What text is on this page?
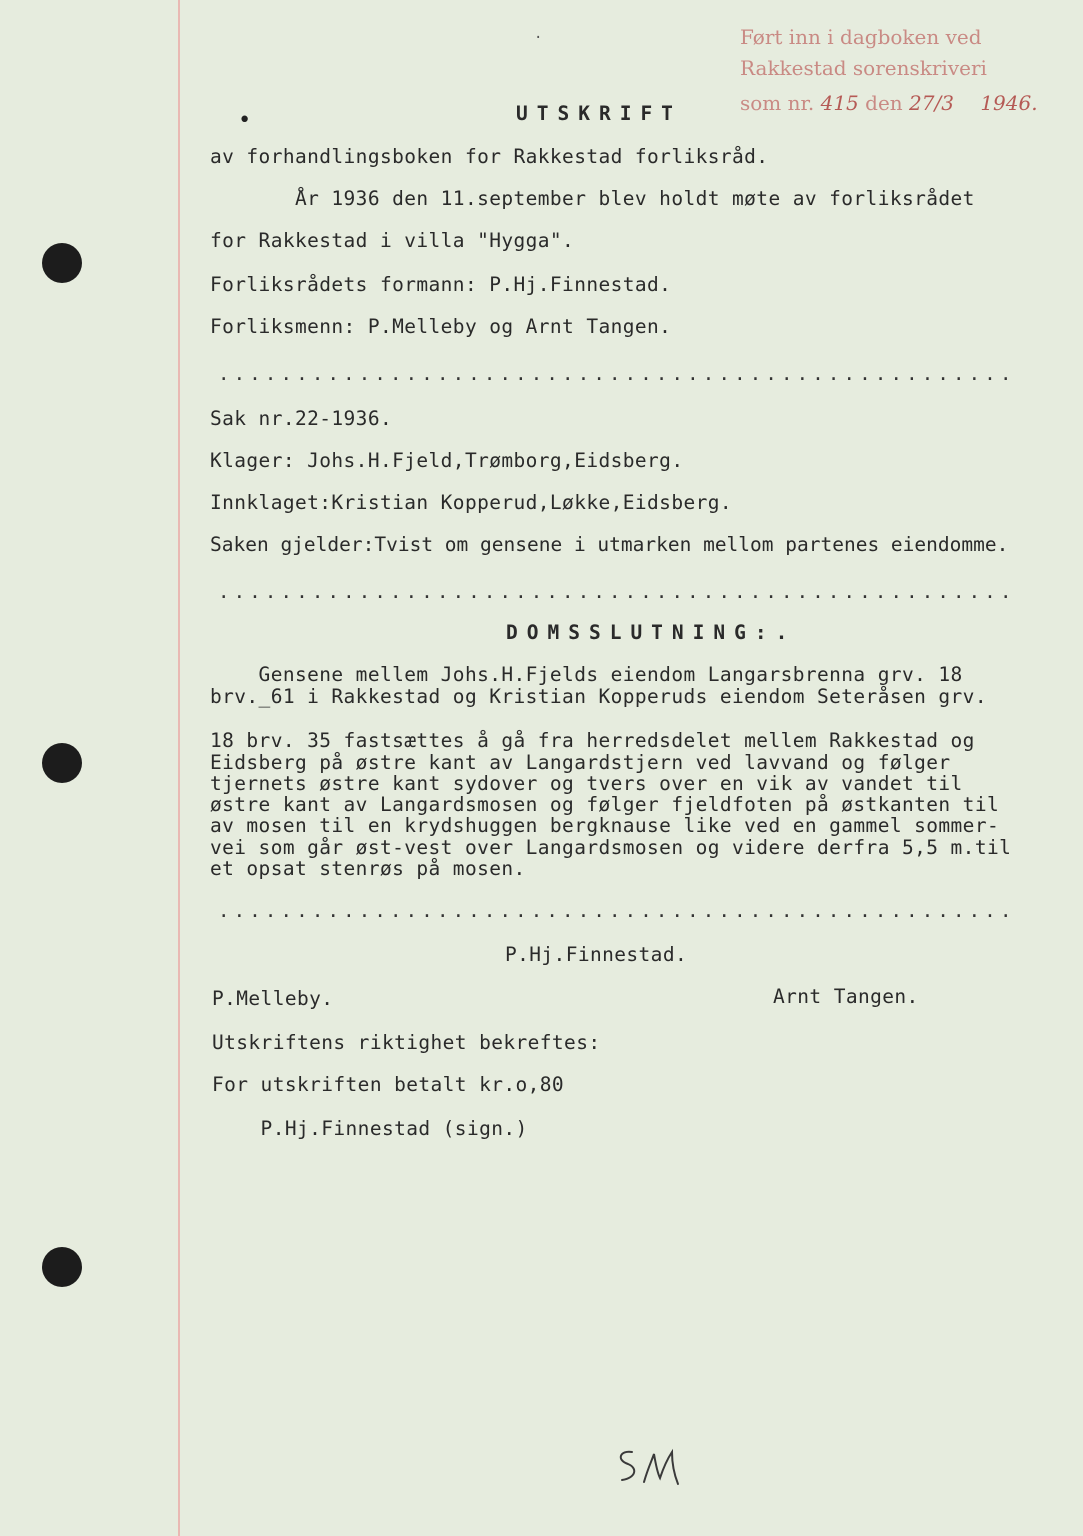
·
•
Ført inn i dagboken ved
Rakkestad sorenskriveri
som nr. 415 den 27/3 1946.
UTSKRIFT
av forhandlingsboken for Rakkestad forliksråd.
År 1936 den 11.september blev holdt møte av forliksrådet
for Rakkestad i villa "Hygga".
Forliksrådets formann: P.Hj.Finnestad.
Forliksmenn: P.Melleby og Arnt Tangen.
...................................................
Sak nr.22-1936.
Klager: Johs.H.Fjeld,Trømborg,Eidsberg.
Innklaget:Kristian Kopperud,Løkke,Eidsberg.
Saken gjelder:Tvist om gensene i utmarken mellom partenes eiendomme.
...................................................
DOMSSLUTNING:.
Gensene mellem Johs.H.Fjelds eiendom Langarsbrenna grv. 18
brv._61 i Rakkestad og Kristian Kopperuds eiendom Seteråsen grv.
18 brv. 35 fastsættes å gå fra herredsdelet mellem Rakkestad og
Eidsberg på østre kant av Langardstjern ved lavvand og følger
tjernets østre kant sydover og tvers over en vik av vandet til
østre kant av Langardsmosen og følger fjeldfoten på østkanten til
av mosen til en krydshuggen bergknause like ved en gammel sommer-
vei som går øst-vest over Langardsmosen og videre derfra 5,5 m.til
et opsat stenrøs på mosen.
...................................................
P.Hj.Finnestad.
P.Melleby.	Arnt Tangen.
Utskriftens riktighet bekreftes:
For utskriften betalt kr.o,80
P.Hj.Finnestad (sign.)
